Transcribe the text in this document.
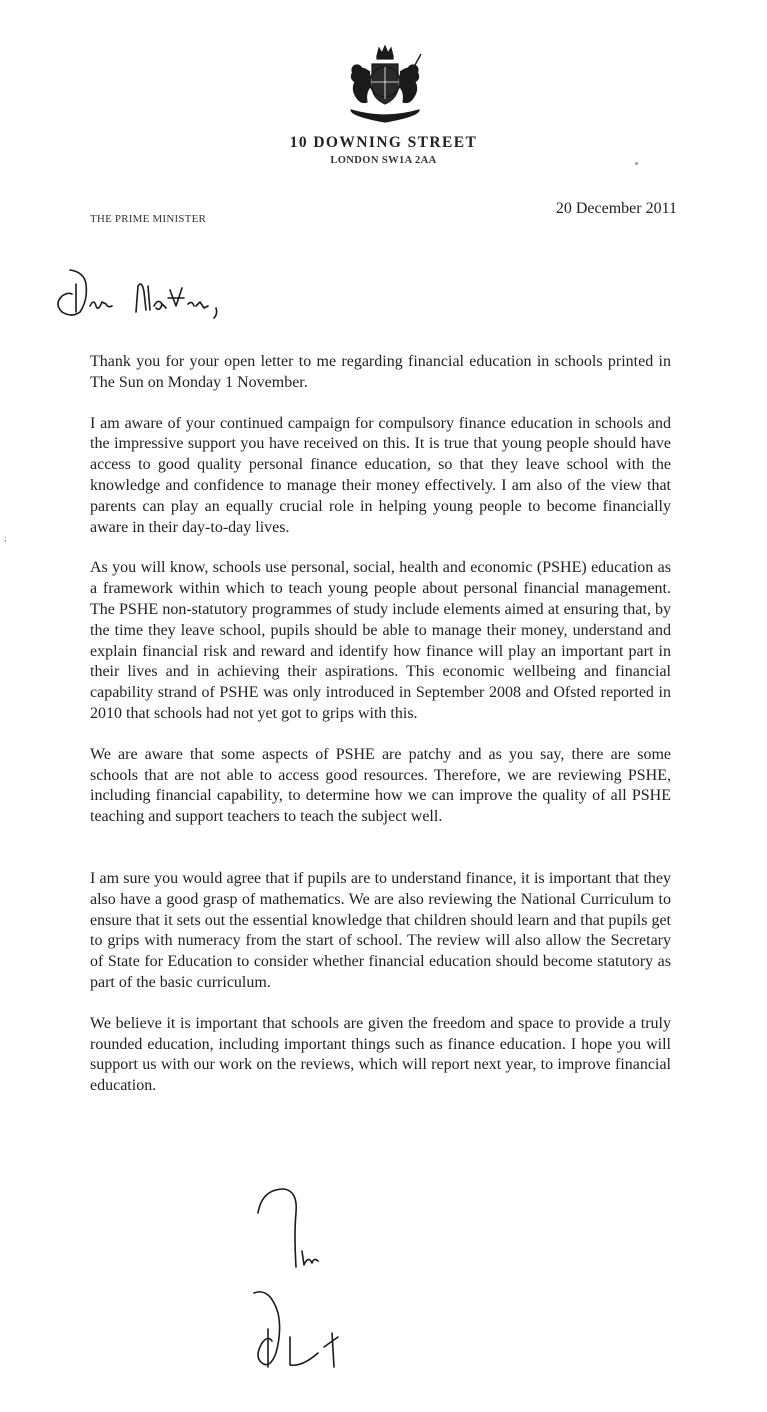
10 DOWNING STREET
LONDON SW1A 2AA
THE PRIME MINISTER
20 December 2011

Thank you for your open letter to me regarding financial education in schools printed in The Sun on Monday 1 November.

I am aware of your continued campaign for compulsory finance education in schools and the impressive support you have received on this. It is true that young people should have access to good quality personal finance education, so that they leave school with the knowledge and confidence to manage their money effectively. I am also of the view that parents can play an equally crucial role in helping young people to become financially aware in their day-to-day lives.

As you will know, schools use personal, social, health and economic (PSHE) education as a framework within which to teach young people about personal financial management. The PSHE non-statutory programmes of study include elements aimed at ensuring that, by the time they leave school, pupils should be able to manage their money, understand and explain financial risk and reward and identify how finance will play an important part in their lives and in achieving their aspirations. This economic wellbeing and financial capability strand of PSHE was only introduced in September 2008 and Ofsted reported in 2010 that schools had not yet got to grips with this.

We are aware that some aspects of PSHE are patchy and as you say, there are some schools that are not able to access good resources. Therefore, we are reviewing PSHE, including financial capability, to determine how we can improve the quality of all PSHE teaching and support teachers to teach the subject well.

I am sure you would agree that if pupils are to understand finance, it is important that they also have a good grasp of mathematics. We are also reviewing the National Curriculum to ensure that it sets out the essential knowledge that children should learn and that pupils get to grips with numeracy from the start of school. The review will also allow the Secretary of State for Education to consider whether financial education should become statutory as part of the basic curriculum.

We believe it is important that schools are given the freedom and space to provide a truly rounded education, including important things such as finance education. I hope you will support us with our work on the reviews, which will report next year, to improve financial education.

;
